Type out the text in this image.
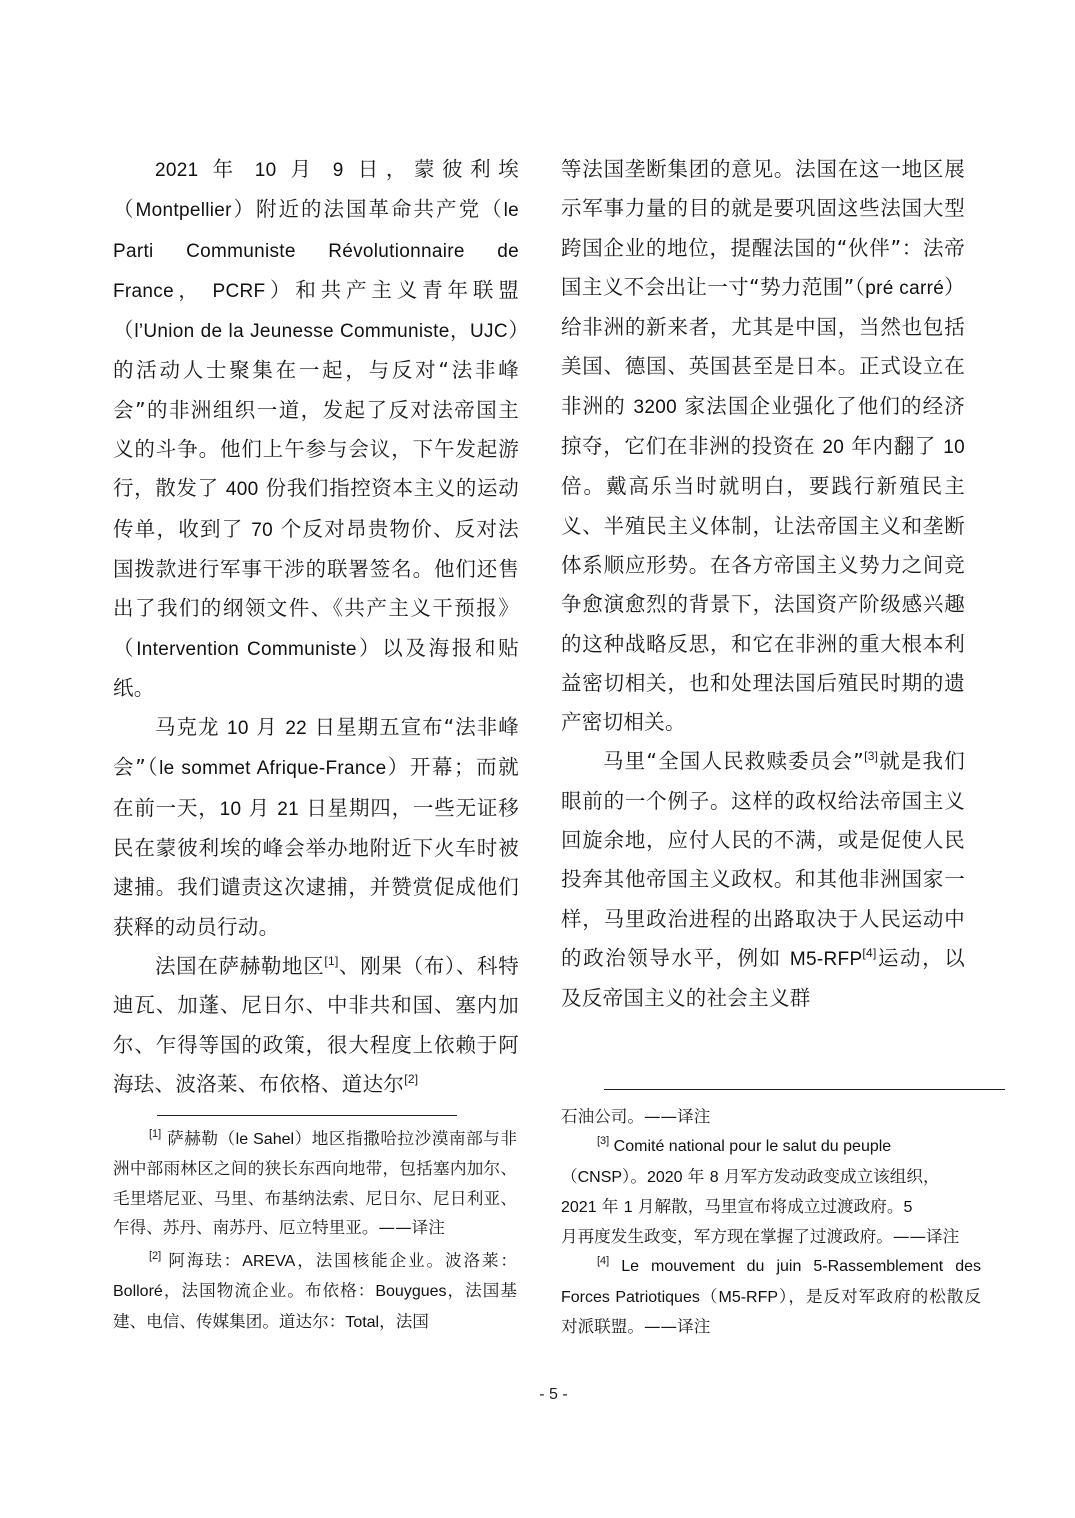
2021 年 10 月 9 日，蒙彼利埃（Montpellier）附近的法国革命共产党（le Parti Communiste Révolutionnaire de France， PCRF）和共产主义青年联盟（l’Union de la Jeunesse Communiste，UJC）的活动人士聚集在一起，与反对“法非峰会”的非洲组织一道，发起了反对法帝国主义的斗争。他们上午参与会议，下午发起游行，散发了 400 份我们指控资本主义的运动传单，收到了 70 个反对昂贵物价、反对法国拨款进行军事干涉的联署签名。他们还售出了我们的纲领文件、《共产主义干预报》（Intervention Communiste）以及海报和贴纸。

马克龙 10 月 22 日星期五宣布“法非峰会”（le sommet Afrique-France）开幕；而就在前一天，10 月 21 日星期四，一些无证移民在蒙彼利埃的峰会举办地附近下火车时被逮捕。我们谴责这次逮捕，并赞赏促成他们获释的动员行动。

法国在萨赫勒地区[1]、刚果（布）、科特迪瓦、加蓬、尼日尔、中非共和国、塞内加尔、乍得等国的政策，很大程度上依赖于阿海珐、波洛莱、布依格、道达尔[2]

等法国垄断集团的意见。法国在这一地区展示军事力量的目的就是要巩固这些法国大型跨国企业的地位，提醒法国的“伙伴”：法帝国主义不会出让一寸“势力范围”（pré carré）给非洲的新来者，尤其是中国，当然也包括美国、德国、英国甚至是日本。正式设立在非洲的 3200 家法国企业强化了他们的经济掠夺，它们在非洲的投资在 20 年内翻了 10 倍。戴高乐当时就明白，要践行新殖民主义、半殖民主义体制，让法帝国主义和垄断体系顺应形势。在各方帝国主义势力之间竞争愈演愈烈的背景下，法国资产阶级感兴趣的这种战略反思，和它在非洲的重大根本利益密切相关，也和处理法国后殖民时期的遗产密切相关。

马里“全国人民救赎委员会”[3]就是我们眼前的一个例子。这样的政权给法帝国主义回旋余地，应付人民的不满，或是促使人民投奔其他帝国主义政权。和其他非洲国家一样，马里政治进程的出路取决于人民运动中的政治领导水平，例如 M5-RFP[4]运动，以及反帝国主义的社会主义群

[1] 萨赫勒（le Sahel）地区指撒哈拉沙漠南部与非洲中部雨林区之间的狭长东西向地带，包括塞内加尔、毛里塔尼亚、马里、布基纳法索、尼日尔、尼日利亚、乍得、苏丹、南苏丹、厄立特里亚。——译注

[2] 阿海珐：AREVA，法国核能企业。波洛莱：Bolloré，法国物流企业。布依格：Bouygues，法国基建、电信、传媒集团。道达尔：Total，法国

石油公司。——译注

[3] Comité national pour le salut du peuple
（CNSP）。2020 年 8 月军方发动政变成立该组织，
2021 年 1 月解散，马里宣布将成立过渡政府。5
月再度发生政变，军方现在掌握了过渡政府。——译注

[4] Le mouvement du juin 5-Rassemblement des Forces Patriotiques（M5-RFP），是反对军政府的松散反对派联盟。——译注

- 5 -
